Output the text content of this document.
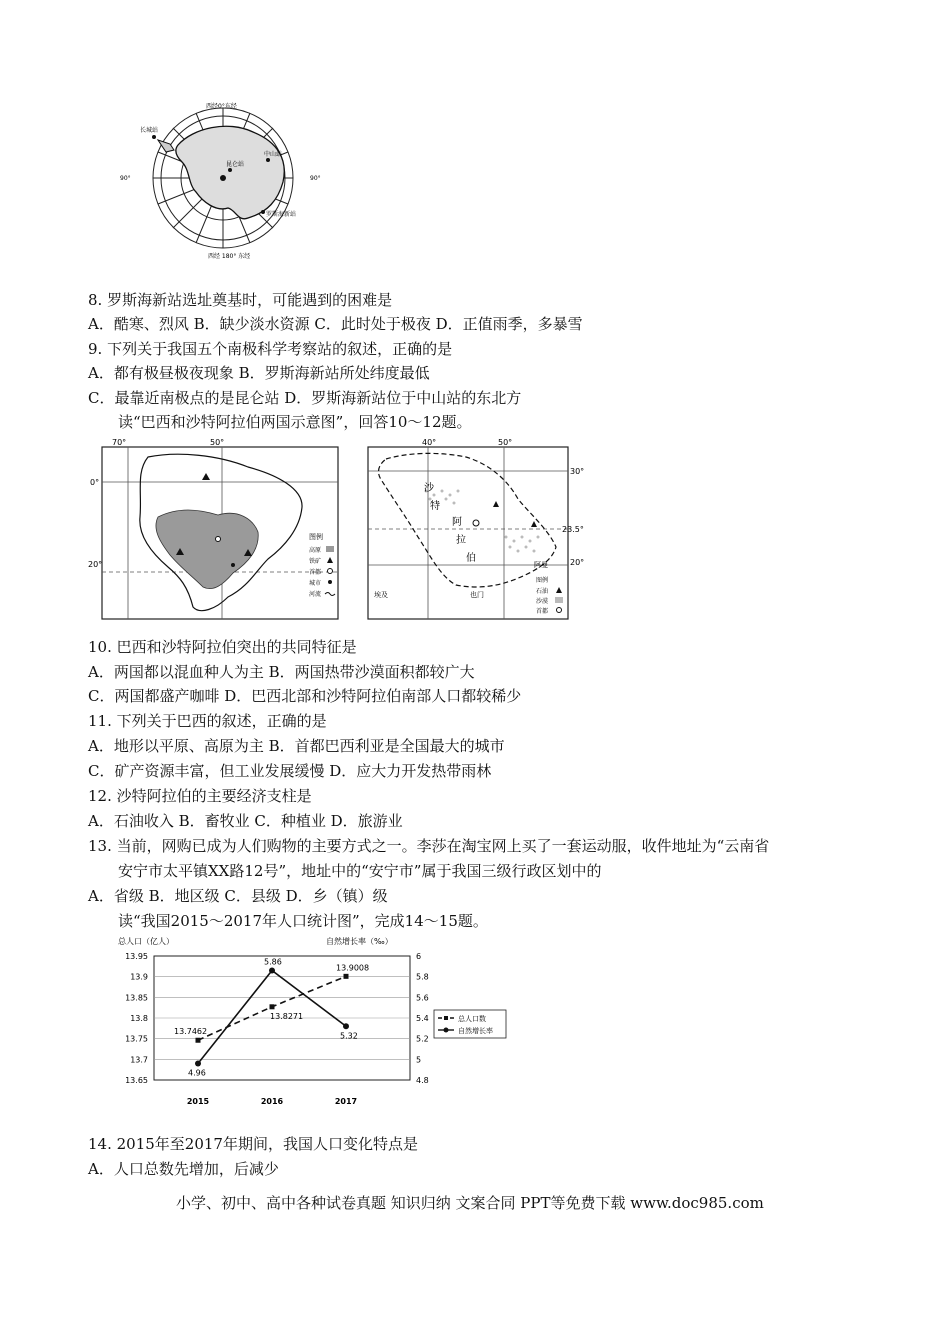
西经0°东经
西经 180° 东经
90°	90°
长城站
中山站
昆仑站
罗斯海新站
8. 罗斯海新站选址奠基时，可能遇到的困难是
A．酷寒、烈风 B．缺少淡水资源 C．此时处于极夜 D．正值雨季，多暴雪
9. 下列关于我国五个南极科学考察站的叙述，正确的是
A．都有极昼极夜现象 B．罗斯海新站所处纬度最低
C．最靠近南极点的是昆仑站 D．罗斯海新站位于中山站的东北方
读“巴西和沙特阿拉伯两国示意图”，回答10～12题。
70°	50°
0°
20°
图例
高原
铁矿
首都
城市
河流
40°	50°
30°
23.5°
20°
沙
特
阿
拉
伯
埃及	也门
阿曼
图例
石油
沙漠
首都
10. 巴西和沙特阿拉伯突出的共同特征是
A．两国都以混血种人为主 B．两国热带沙漠面积都较广大
C．两国都盛产咖啡 D．巴西北部和沙特阿拉伯南部人口都较稀少
11. 下列关于巴西的叙述，正确的是
A．地形以平原、高原为主 B．首都巴西利亚是全国最大的城市
C．矿产资源丰富，但工业发展缓慢 D．应大力开发热带雨林
12. 沙特阿拉伯的主要经济支柱是
A．石油收入 B．畜牧业 C．种植业 D．旅游业
13. 当前，网购已成为人们购物的主要方式之一。李莎在淘宝网上买了一套运动服，收件地址为“云南省
安宁市太平镇XX路12号”，地址中的“安宁市”属于我国三级行政区划中的
A．省级 B．地区级 C．县级 D．乡（镇）级
读“我国2015～2017年人口统计图”，完成14～15题。
总人口（亿人）	自然增长率（‰）
13.95
13.9
13.85
13.8
13.75
13.7
13.65
6
5.8
5.6
5.4
5.2
5
4.8
2015	2016	2017
13.7462
13.8271
13.9008
4.96
5.86
5.32
总人口数
自然增长率
14. 2015年至2017年期间，我国人口变化特点是
A．人口总数先增加，后减少
小学、初中、高中各种试卷真题 知识归纳 文案合同 PPT等免费下载 www.doc985.com
